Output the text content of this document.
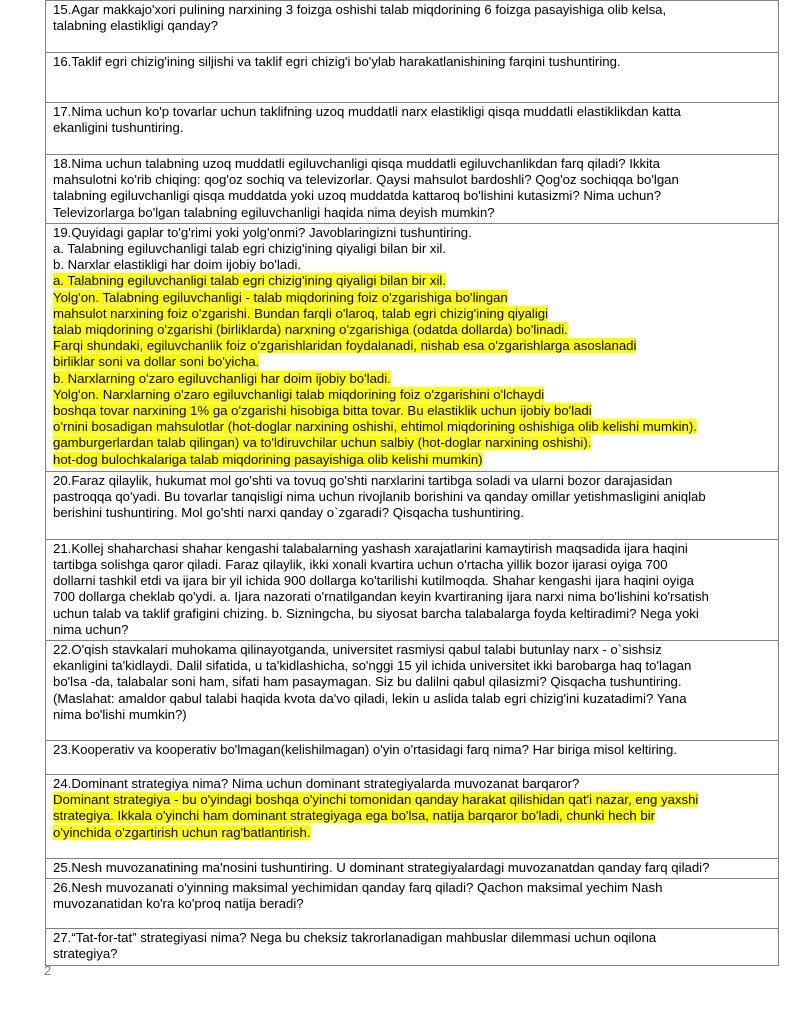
15.Agar makkajo'xori pulining narxining 3 foizga oshishi talab miqdorining 6 foizga pasayishiga olib kelsa,
talabning elastikligi qanday?

16.Taklif egri chizig'ining siljishi va taklif egri chizig'i bo'ylab harakatlanishining farqini tushuntiring.

17.Nima uchun ko'p tovarlar uchun taklifning uzoq muddatli narx elastikligi qisqa muddatli elastiklikdan katta
ekanligini tushuntiring.

18.Nima uchun talabning uzoq muddatli egiluvchanligi qisqa muddatli egiluvchanlikdan farq qiladi? Ikkita
mahsulotni ko'rib chiqing: qog'oz sochiq va televizorlar. Qaysi mahsulot bardoshli? Qog'oz sochiqqa bo'lgan
talabning egiluvchanligi qisqa muddatda yoki uzoq muddatda kattaroq bo'lishini kutasizmi? Nima uchun?
Televizorlarga bo'lgan talabning egiluvchanligi haqida nima deyish mumkin?

19.Quyidagi gaplar to'g'rimi yoki yolg'onmi? Javoblaringizni tushuntiring.
a. Talabning egiluvchanligi talab egri chizig'ining qiyaligi bilan bir xil.
b. Narxlar elastikligi har doim ijobiy bo'ladi.
a. Talabning egiluvchanligi talab egri chizig'ining qiyaligi bilan bir xil.
Yolg'on. Talabning egiluvchanligi - talab miqdorining foiz o'zgarishiga bo'lingan
mahsulot narxining foiz o'zgarishi. Bundan farqli o'laroq, talab egri chizig'ining qiyaligi
talab miqdorining o'zgarishi (birliklarda) narxning o'zgarishiga (odatda dollarda) bo'linadi.
Farqi shundaki, egiluvchanlik foiz o'zgarishlaridan foydalanadi, nishab esa o'zgarishlarga asoslanadi
birliklar soni va dollar soni bo'yicha.
b. Narxlarning o'zaro egiluvchanligi har doim ijobiy bo'ladi.
Yolg'on. Narxlarning o'zaro egiluvchanligi talab miqdorining foiz o'zgarishini o'lchaydi
boshqa tovar narxining 1% ga o'zgarishi hisobiga bitta tovar. Bu elastiklik uchun ijobiy bo'ladi
o'rnini bosadigan mahsulotlar (hot-doglar narxining oshishi, ehtimol miqdorining oshishiga olib kelishi mumkin).
gamburgerlardan talab qilingan) va to'ldiruvchilar uchun salbiy (hot-doglar narxining oshishi).
hot-dog bulochkalariga talab miqdorining pasayishiga olib kelishi mumkin)

20.Faraz qilaylik, hukumat mol go'shti va tovuq go'shti narxlarini tartibga soladi va ularni bozor darajasidan
pastroqqa qo'yadi. Bu tovarlar tanqisligi nima uchun rivojlanib borishini va qanday omillar yetishmasligini aniqlab
berishini tushuntiring. Mol go'shti narxi qanday o`zgaradi? Qisqacha tushuntiring.

21.Kollej shaharchasi shahar kengashi talabalarning yashash xarajatlarini kamaytirish maqsadida ijara haqini
tartibga solishga qaror qiladi. Faraz qilaylik, ikki xonali kvartira uchun o'rtacha yillik bozor ijarasi oyiga 700
dollarni tashkil etdi va ijara bir yil ichida 900 dollarga ko'tarilishi kutilmoqda. Shahar kengashi ijara haqini oyiga
700 dollarga cheklab qo'ydi. a. Ijara nazorati o'rnatilgandan keyin kvartiraning ijara narxi nima bo'lishini ko'rsatish
uchun talab va taklif grafigini chizing. b. Sizningcha, bu siyosat barcha talabalarga foyda keltiradimi? Nega yoki
nima uchun?

22.O'qish stavkalari muhokama qilinayotganda, universitet rasmiysi qabul talabi butunlay narx - o`sishsiz
ekanligini ta'kidlaydi. Dalil sifatida, u ta'kidlashicha, so'nggi 15 yil ichida universitet ikki barobarga haq to'lagan
bo'lsa -da, talabalar soni ham, sifati ham pasaymagan. Siz bu dalilni qabul qilasizmi? Qisqacha tushuntiring.
(Maslahat: amaldor qabul talabi haqida kvota da'vo qiladi, lekin u aslida talab egri chizig'ini kuzatadimi? Yana
nima bo'lishi mumkin?)

23.Kooperativ va kooperativ bo'lmagan(kelishilmagan) o'yin o'rtasidagi farq nima? Har biriga misol keltiring.

24.Dominant strategiya nima? Nima uchun dominant strategiyalarda muvozanat barqaror?
Dominant strategiya - bu o'yindagi boshqa o'yinchi tomonidan qanday harakat qilishidan qat'i nazar, eng yaxshi
strategiya. Ikkala o'yinchi ham dominant strategiyaga ega bo'lsa, natija barqaror bo'ladi, chunki hech bir
o'yinchida o'zgartirish uchun rag'batlantirish.

25.Nesh muvozanatining ma'nosini tushuntiring. U dominant strategiyalardagi muvozanatdan qanday farq qiladi?

26.Nesh muvozanati o'yinning maksimal yechimidan qanday farq qiladi? Qachon maksimal yechim Nash
muvozanatidan ko'ra ko'proq natija beradi?

27.“Tat-for-tat” strategiyasi nima? Nega bu cheksiz takrorlanadigan mahbuslar dilemmasi uchun oqilona
strategiya?
2
